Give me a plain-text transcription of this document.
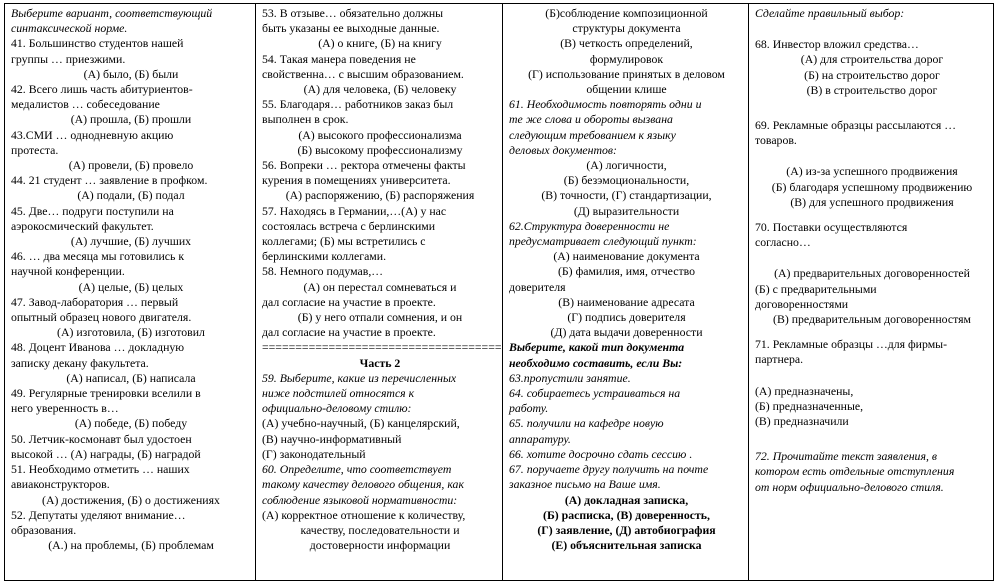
Выберите вариант, соответствующий
синтаксической норме.
41. Большинство студентов нашей
группы … приезжими.
(А) было, (Б) были
42. Всего лишь часть абитуриентов-
медалистов … собеседование
(А) прошла, (Б) прошли
43.СМИ … однодневную акцию
протеста.
(А) провели, (Б) провело
44. 21 студент … заявление в профком.
(А) подали, (Б) подал
45. Две… подруги поступили на
аэрокосмический факультет.
(А) лучшие, (Б) лучших
46. … два месяца мы готовились к
научной конференции.
(А) целые, (Б) целых
47. Завод-лаборатория … первый
опытный образец нового двигателя.
(А) изготовила, (Б) изготовил
48. Доцент Иванова … докладную
записку декану факультета.
(А) написал, (Б) написала
49. Регулярные тренировки вселили в
него уверенность в…
(А) победе, (Б) победу
50. Летчик-космонавт был удостоен
высокой … (А) награды, (Б) наградой
51. Необходимо отметить … наших
авиаконструкторов.
(А) достижения, (Б) о достижениях
52. Депутаты уделяют внимание…
образования.
(А.) на проблемы, (Б) проблемам
53. В отзыве… обязательно должны
быть указаны ее выходные данные.
(А) о книге, (Б) на книгу
54. Такая манера поведения не
свойственна… с высшим образованием.
(А) для человека, (Б) человеку
55. Благодаря… работников заказ был
выполнен в срок.
(А) высокого профессионализма
(Б) высокому профессионализму
56. Вопреки … ректора отмечены факты
курения в помещениях университета.
(А) распоряжению, (Б) распоряжения
57. Находясь в Германии,…(А) у нас
состоялась встреча с берлинскими
коллегами; (Б) мы встретились с
берлинскими коллегами.
58. Немного подумав,…
(А) он перестал сомневаться и
дал согласие на участие в проекте.
(Б) у него отпали сомнения, и он
дал согласие на участие в проекте.
====================================
Часть 2
59. Выберите, какие из перечисленных
ниже подстилей относятся к
официально-деловому стилю:
(А) учебно-научный, (Б) канцелярский,
(В) научно-информативный
(Г) законодательный
60. Определите, что соответствует
такому качеству делового общения, как
соблюдение языковой нормативности:
(А) корректное отношение к количеству,
качеству, последовательности и
достоверности информации
(Б)соблюдение композиционной
структуры документа
(В) четкость определений,
формулировок
(Г) использование принятых в деловом
общении клише
61. Необходимость повторять одни и
те же слова и обороты вызвана
следующим требованием к языку
деловых документов:
(А) логичности,
(Б) безэмоциональности,
(В) точности, (Г) стандартизации,
(Д) выразительности
62.Структура доверенности не
предусматривает следующий пункт:
(А) наименование документа
(Б) фамилия, имя, отчество
доверителя
(В) наименование адресата
(Г) подпись доверителя
(Д) дата выдачи доверенности
Выберите, какой тип документа
необходимо составить, если Вы:
63.пропустили занятие.
64. собираетесь устраиваться на
работу.
65. получили на кафедре новую
аппаратуру.
66. хотите досрочно сдать сессию .
67. поручаете другу получить на почте
заказное письмо на Ваше имя.
(А) докладная записка,
(Б) расписка, (В) доверенность,
(Г) заявление, (Д) автобиография
(Е) объяснительная записка
Сделайте правильный выбор:
68. Инвестор вложил средства…
(А) для строительства дорог
(Б) на строительство дорог
(В) в строительство дорог
69. Рекламные образцы рассылаются …
товаров.
(А) из-за успешного продвижения
(Б) благодаря успешному продвижению
(В) для успешного продвижения
70. Поставки осуществляются
согласно…
(А) предварительных договоренностей
(Б) с предварительными
договоренностями
(В) предварительным договоренностям
71. Рекламные образцы …для фирмы-
партнера.
(А) предназначены,
(Б) предназначенные,
(В) предназначили
72. Прочитайте текст заявления, в
котором есть отдельные отступления
от норм официально-делового стиля.
